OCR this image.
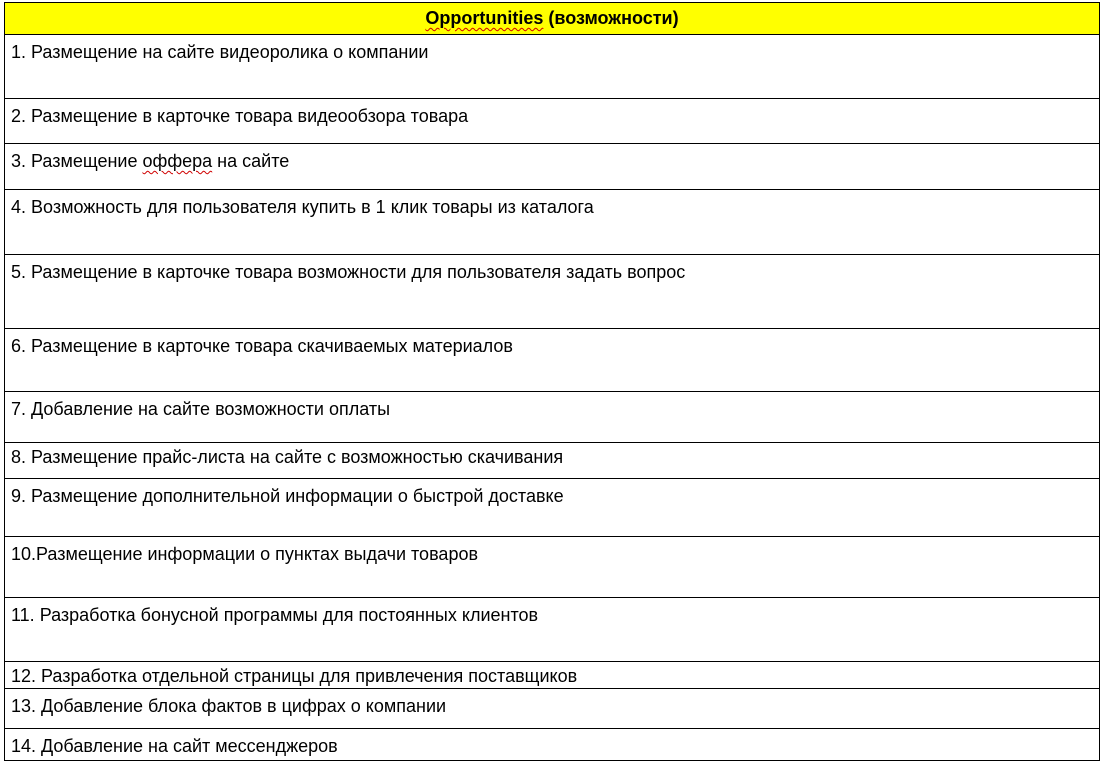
Opportunities (возможности)
1. Размещение на сайте видеоролика о компании
2. Размещение в карточке товара видеообзора товара
3. Размещение оффера на сайте
4. Возможность для пользователя купить в 1 клик товары из каталога
5. Размещение в карточке товара возможности для пользователя задать вопрос
6. Размещение в карточке товара скачиваемых материалов
7. Добавление на сайте возможности оплаты
8. Размещение прайс-листа на сайте с возможностью скачивания
9. Размещение дополнительной информации о быстрой доставке
10.Размещение информации о пунктах выдачи товаров
11. Разработка бонусной программы для постоянных клиентов
12. Разработка отдельной страницы для привлечения поставщиков
13. Добавление блока фактов в цифрах о компании
14. Добавление на сайт мессенджеров
